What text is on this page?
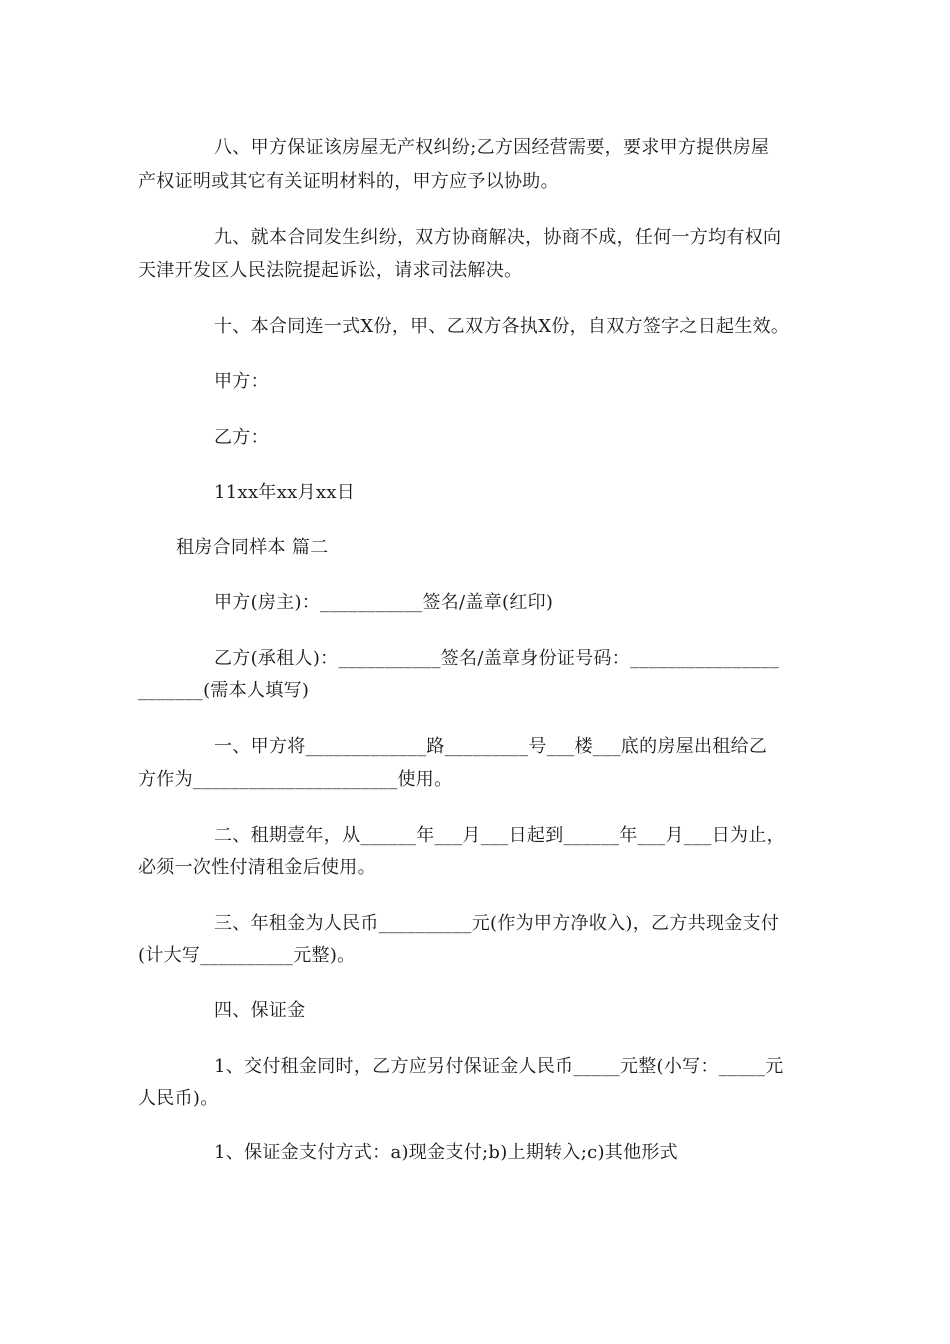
八、甲方保证该房屋无产权纠纷;乙方因经营需要，要求甲方提供房屋
产权证明或其它有关证明材料的，甲方应予以协助。
九、就本合同发生纠纷，双方协商解决，协商不成，任何一方均有权向
天津开发区人民法院提起诉讼，请求司法解决。
十、本合同连一式X份，甲、乙双方各执X份，自双方签字之日起生效。
甲方：
乙方：
11xx年xx月xx日
租房合同样本 篇二
甲方(房主)：___________签名/盖章(红印)
乙方(承租人)：___________签名/盖章身份证号码：________________
_______(需本人填写)
一、甲方将_____________路_________号___楼___底的房屋出租给乙
方作为______________________使用。
二、租期壹年，从______年___月___日起到______年___月___日为止，
必须一次性付清租金后使用。
三、年租金为人民币__________元(作为甲方净收入)，乙方共现金支付
(计大写__________元整)。
四、保证金
1、交付租金同时，乙方应另付保证金人民币_____元整(小写：_____元
人民币)。
1、保证金支付方式：a)现金支付;b)上期转入;c)其他形式
